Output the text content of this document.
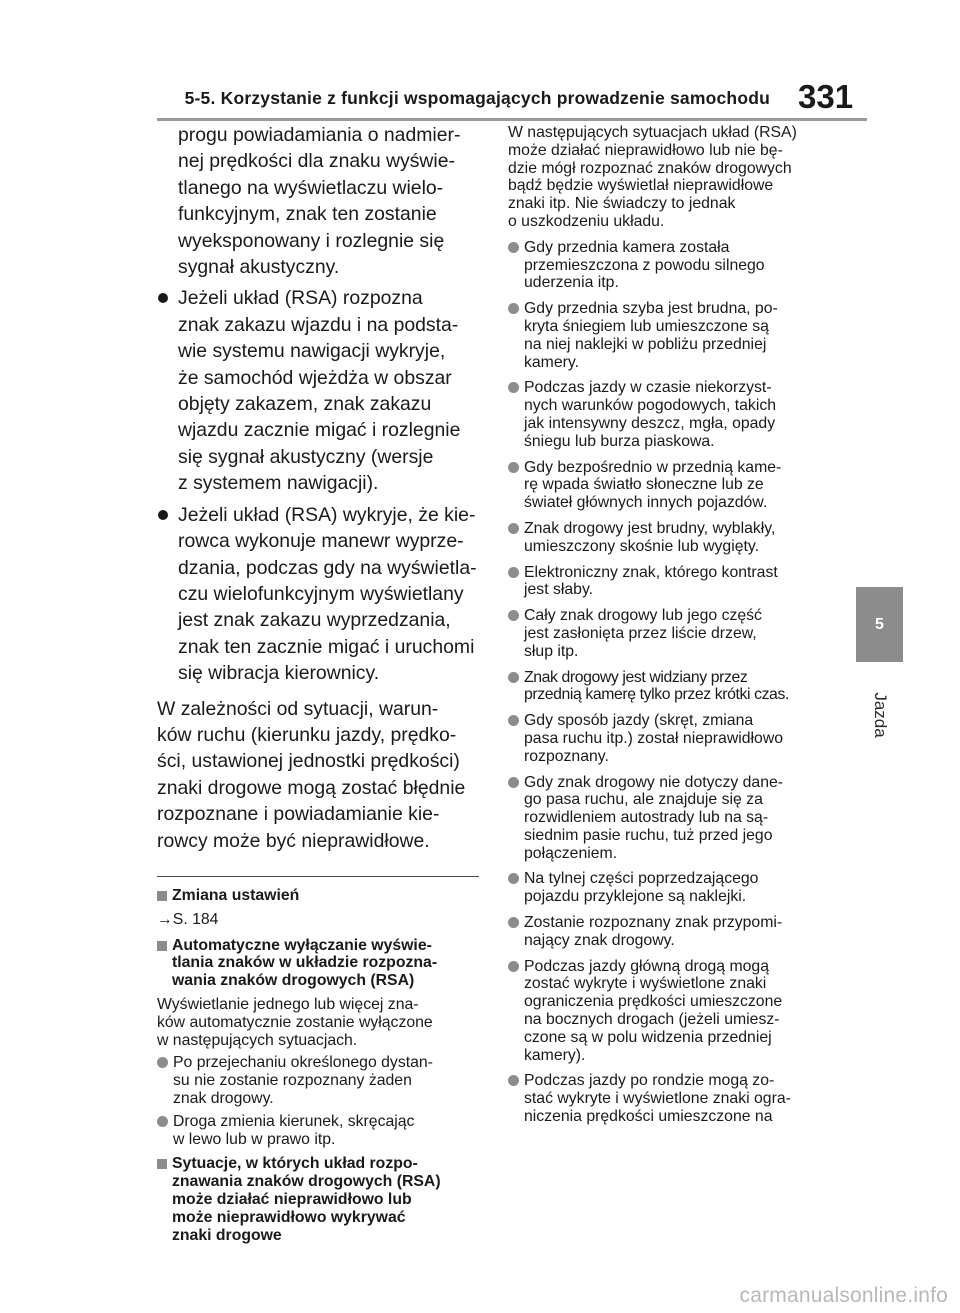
5-5. Korzystanie z funkcji wspomagających prowadzenie samochodu 331
5
Jazda
progu powiadamiania o nadmier-
nej prędkości dla znaku wyświe-
tlanego na wyświetlaczu wielo-
funkcyjnym, znak ten zostanie
wyeksponowany i rozlegnie się
sygnał akustyczny.
Jeżeli układ (RSA) rozpozna
znak zakazu wjazdu i na podsta-
wie systemu nawigacji wykryje,
że samochód wjeżdża w obszar
objęty zakazem, znak zakazu
wjazdu zacznie migać i rozlegnie
się sygnał akustyczny (wersje
z systemem nawigacji).
Jeżeli układ (RSA) wykryje, że kie-
rowca wykonuje manewr wyprze-
dzania, podczas gdy na wyświetla-
czu wielofunkcyjnym wyświetlany
jest znak zakazu wyprzedzania,
znak ten zacznie migać i uruchomi
się wibracja kierownicy.
W zależności od sytuacji, warun-
ków ruchu (kierunku jazdy, prędko-
ści, ustawionej jednostki prędkości)
znaki drogowe mogą zostać błędnie
rozpoznane i powiadamianie kie-
rowcy może być nieprawidłowe.
Zmiana ustawień
→S. 184
Automatyczne wyłączanie wyświe-
tlania znaków w układzie rozpozna-
wania znaków drogowych (RSA)
Wyświetlanie jednego lub więcej zna-
ków automatycznie zostanie wyłączone
w następujących sytuacjach.
Po przejechaniu określonego dystan-
su nie zostanie rozpoznany żaden
znak drogowy.
Droga zmienia kierunek, skręcając
w lewo lub w prawo itp.
Sytuacje, w których układ rozpo-
znawania znaków drogowych (RSA)
może działać nieprawidłowo lub
może nieprawidłowo wykrywać
znaki drogowe
W następujących sytuacjach układ (RSA)
może działać nieprawidłowo lub nie bę-
dzie mógł rozpoznać znaków drogowych
bądź będzie wyświetlał nieprawidłowe
znaki itp. Nie świadczy to jednak
o uszkodzeniu układu.
Gdy przednia kamera została
przemieszczona z powodu silnego
uderzenia itp.
Gdy przednia szyba jest brudna, po-
kryta śniegiem lub umieszczone są
na niej naklejki w pobliżu przedniej
kamery.
Podczas jazdy w czasie niekorzyst-
nych warunków pogodowych, takich
jak intensywny deszcz, mgła, opady
śniegu lub burza piaskowa.
Gdy bezpośrednio w przednią kame-
rę wpada światło słoneczne lub ze
świateł głównych innych pojazdów.
Znak drogowy jest brudny, wyblakły,
umieszczony skośnie lub wygięty.
Elektroniczny znak, którego kontrast
jest słaby.
Cały znak drogowy lub jego część
jest zasłonięta przez liście drzew,
słup itp.
Znak drogowy jest widziany przez
przednią kamerę tylko przez krótki czas.
Gdy sposób jazdy (skręt, zmiana
pasa ruchu itp.) został nieprawidłowo
rozpoznany.
Gdy znak drogowy nie dotyczy dane-
go pasa ruchu, ale znajduje się za
rozwidleniem autostrady lub na są-
siednim pasie ruchu, tuż przed jego
połączeniem.
Na tylnej części poprzedzającego
pojazdu przyklejone są naklejki.
Zostanie rozpoznany znak przypomi-
nający znak drogowy.
Podczas jazdy główną drogą mogą
zostać wykryte i wyświetlone znaki
ograniczenia prędkości umieszczone
na bocznych drogach (jeżeli umiesz-
czone są w polu widzenia przedniej
kamery).
Podczas jazdy po rondzie mogą zo-
stać wykryte i wyświetlone znaki ogra-
niczenia prędkości umieszczone na
carmanualsonline.info
